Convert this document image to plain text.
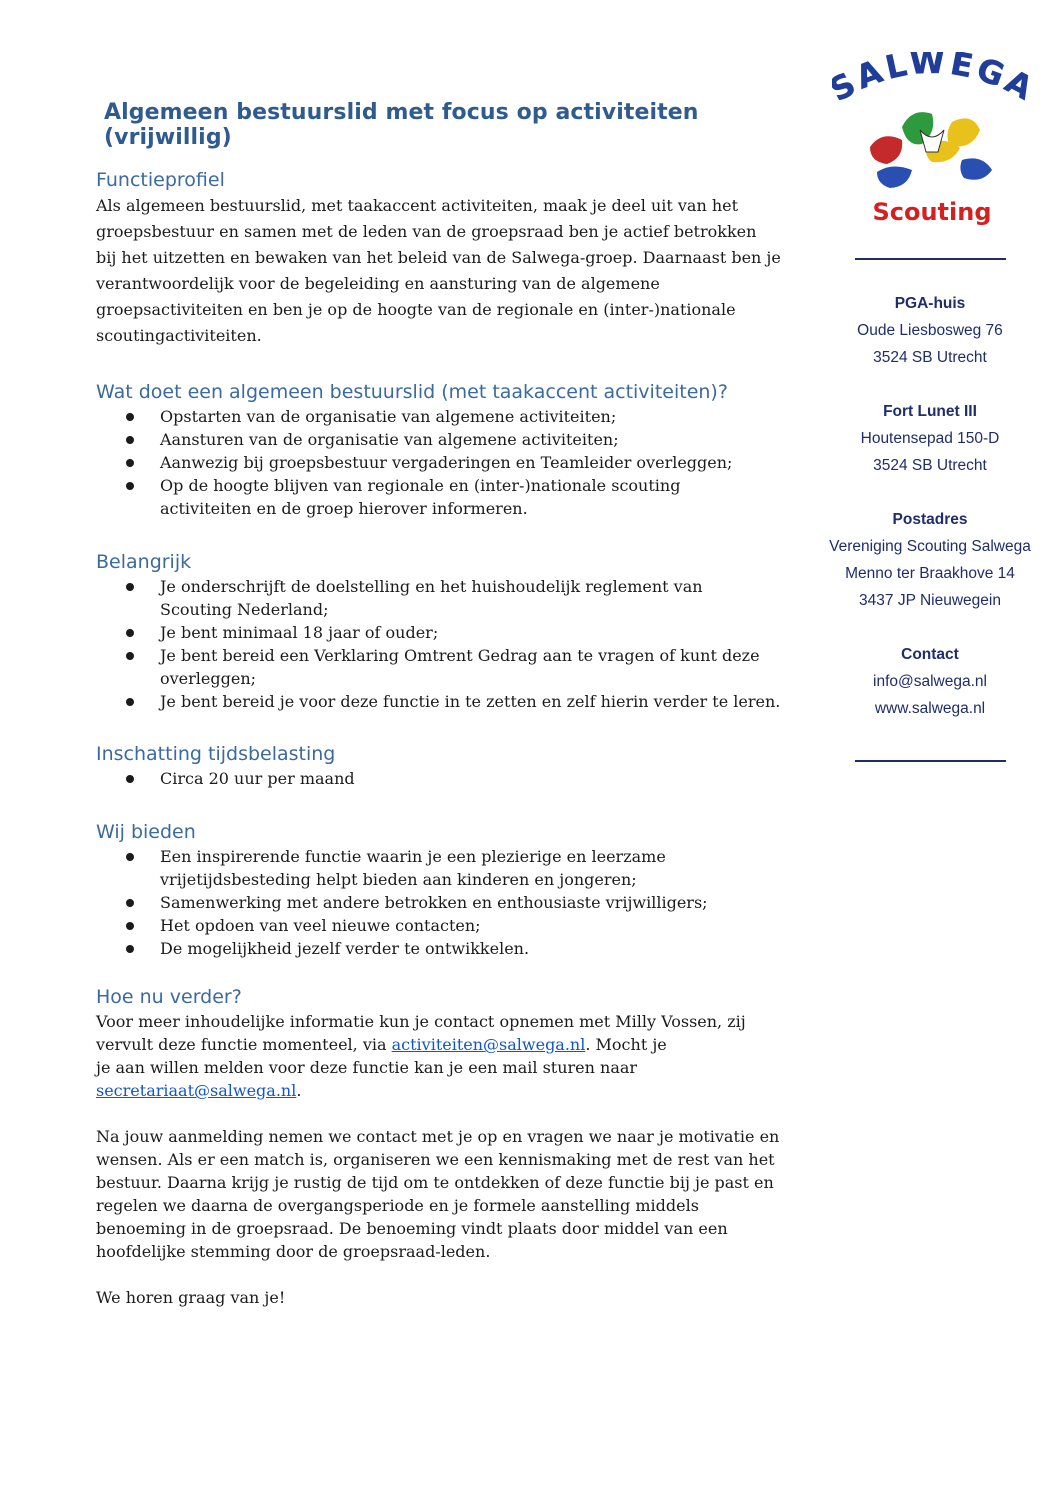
ALWEG
Scouting
Algemeen bestuurslid met focus op activiteiten (vrijwillig)
Functieprofiel

Als algemeen bestuurslid, met taakaccent activiteiten, maak je deel uit van het
groepsbestuur en samen met de leden van de groepsraad ben je actief betrokken
bij het uitzetten en bewaken van het beleid van de Salwega-groep. Daarnaast ben je
verantwoordelijk voor de begeleiding en aansturing van de algemene
groepsactiviteiten en ben je op de hoogte van de regionale en (inter-)nationale
scoutingactiviteiten.

Wat doet een algemeen bestuurslid (met taakaccent activiteiten)?
Opstarten van de organisatie van algemene activiteiten;
Aansturen van de organisatie van algemene activiteiten;
Aanwezig bij groepsbestuur vergaderingen en Teamleider overleggen;
Op de hoogte blijven van regionale en (inter-)nationale scouting
activiteiten en de groep hierover informeren.
Belangrijk
Je onderschrijft de doelstelling en het huishoudelijk reglement van
Scouting Nederland;
Je bent minimaal 18 jaar of ouder;
Je bent bereid een Verklaring Omtrent Gedrag aan te vragen of kunt deze
overleggen;
Je bent bereid je voor deze functie in te zetten en zelf hierin verder te leren.
Inschatting tijdsbelasting
Circa 20 uur per maand
Wij bieden
Een inspirerende functie waarin je een plezierige en leerzame
vrijetijdsbesteding helpt bieden aan kinderen en jongeren;
Samenwerking met andere betrokken en enthousiaste vrijwilligers;
Het opdoen van veel nieuwe contacten;
De mogelijkheid jezelf verder te ontwikkelen.
Hoe nu verder?

Voor meer inhoudelijke informatie kun je contact opnemen met Milly Vossen, zij
vervult deze functie momenteel, via activiteiten@salwega.nl. Mocht je
je aan willen melden voor deze functie kan je een mail sturen naar
secretariaat@salwega.nl.

Na jouw aanmelding nemen we contact met je op en vragen we naar je motivatie en
wensen. Als er een match is, organiseren we een kennismaking met de rest van het
bestuur. Daarna krijg je rustig de tijd om te ontdekken of deze functie bij je past en
regelen we daarna de overgangsperiode en je formele aanstelling middels
benoeming in de groepsraad. De benoeming vindt plaats door middel van een
hoofdelijke stemming door de groepsraad-leden.

We horen graag van je!

PGA-huis
Oude Liesbosweg 76
3524 SB Utrecht
Fort Lunet III
Houtensepad 150-D
3524 SB Utrecht
Postadres
Vereniging Scouting Salwega
Menno ter Braakhove 14
3437 JP Nieuwegein
Contact
info@salwega.nl
www.salwega.nl
